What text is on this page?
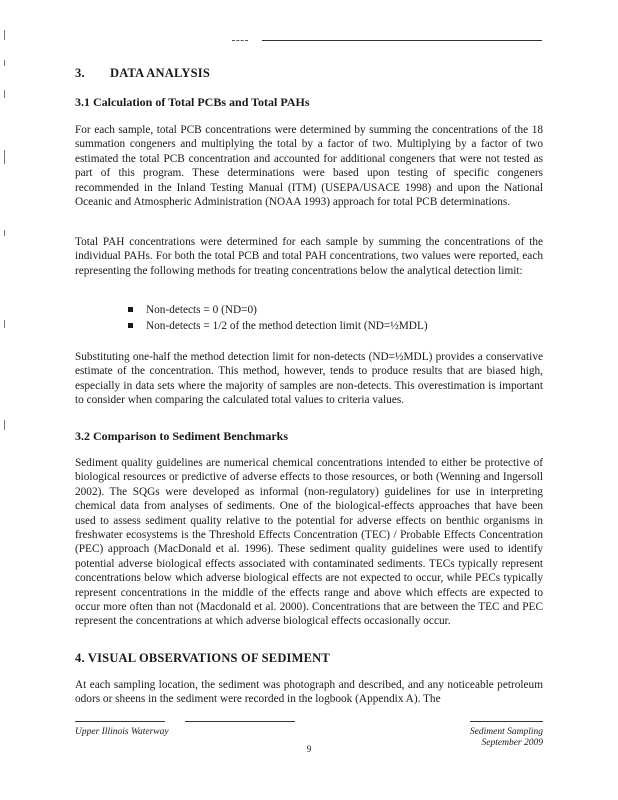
3. DATA ANALYSIS
3.1 Calculation of Total PCBs and Total PAHs

For each sample, total PCB concentrations were determined by summing the concentrations of the 18 summation congeners and multiplying the total by a factor of two. Multiplying by a factor of two estimated the total PCB concentration and accounted for additional congeners that were not tested as part of this program. These determinations were based upon testing of specific congeners recommended in the Inland Testing Manual (ITM) (USEPA/USACE 1998) and upon the National Oceanic and Atmospheric Administration (NOAA 1993) approach for total PCB determinations.

Total PAH concentrations were determined for each sample by summing the concentrations of the individual PAHs. For both the total PCB and total PAH concentrations, two values were reported, each representing the following methods for treating concentrations below the analytical detection limit:

Non-detects = 0 (ND=0)
Non-detects = 1/2 of the method detection limit (ND=½MDL)

Substituting one-half the method detection limit for non-detects (ND=½MDL) provides a conservative estimate of the concentration. This method, however, tends to produce results that are biased high, especially in data sets where the majority of samples are non-detects. This overestimation is important to consider when comparing the calculated total values to criteria values.

3.2 Comparison to Sediment Benchmarks

Sediment quality guidelines are numerical chemical concentrations intended to either be protective of biological resources or predictive of adverse effects to those resources, or both (Wenning and Ingersoll 2002). The SQGs were developed as informal (non-regulatory) guidelines for use in interpreting chemical data from analyses of sediments. One of the biological-effects approaches that have been used to assess sediment quality relative to the potential for adverse effects on benthic organisms in freshwater ecosystems is the Threshold Effects Concentration (TEC) / Probable Effects Concentration (PEC) approach (MacDonald et al. 1996). These sediment quality guidelines were used to identify potential adverse biological effects associated with contaminated sediments. TECs typically represent concentrations below which adverse biological effects are not expected to occur, while PECs typically represent concentrations in the middle of the effects range and above which effects are expected to occur more often than not (Macdonald et al. 2000). Concentrations that are between the TEC and PEC represent the concentrations at which adverse biological effects occasionally occur.

4. VISUAL OBSERVATIONS OF SEDIMENT

At each sampling location, the sediment was photograph and described, and any noticeable petroleum odors or sheens in the sediment were recorded in the logbook (Appendix A). The

Upper Illinois Waterway	Sediment Sampling
September 2009
9
